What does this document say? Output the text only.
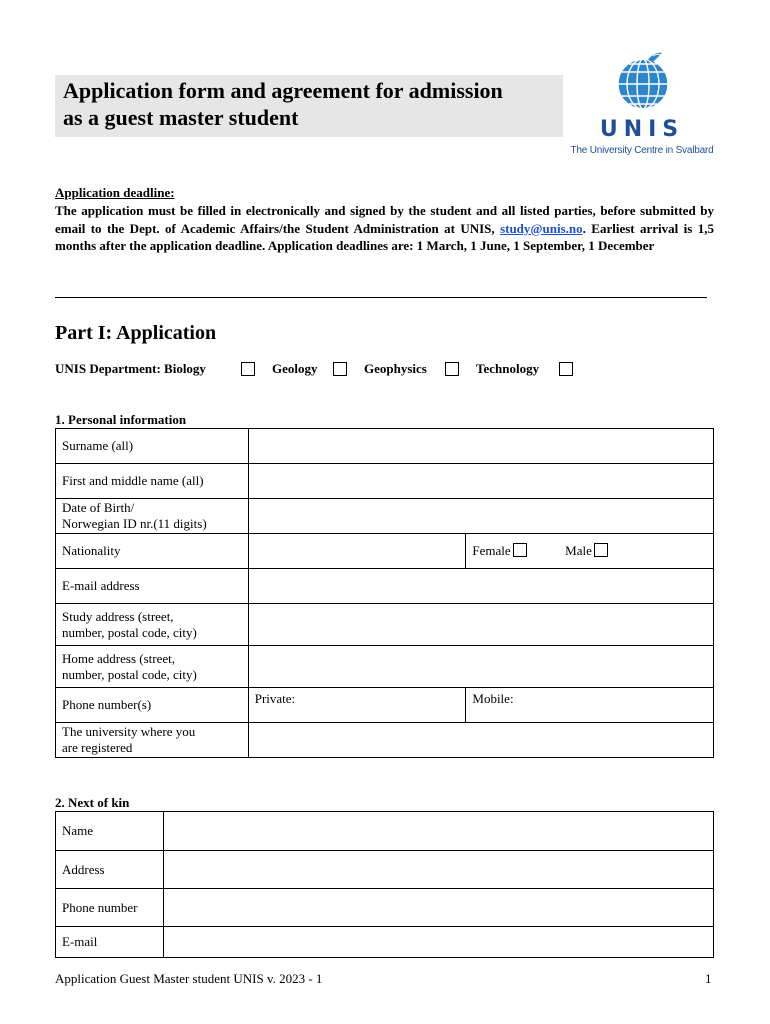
Application form and agreement for admission
as a guest master student	UNIS
The University Centre in Svalbard
Application deadline:
The application must be filled in electronically and signed by the student and all listed parties, before submitted by email to the Dept. of Academic Affairs/the Student Administration at UNIS, study@unis.no. Earliest arrival is 1,5 months after the application deadline. Application deadlines are: 1 March, 1 June, 1 September, 1 December
Part I: Application
UNIS Department: Biology	Geology	Geophysics	Technology
1. Personal information
Surname (all)		
First and middle name (all)		
Date of Birth/
Norwegian ID nr.(11 digits)		
Nationality		Female Male
E-mail address		
Study address (street,
number, postal code, city)		
Home address (street,
number, postal code, city)		
Phone number(s)	Private:	Mobile:
The university where you
are registered		
2. Next of kin
Name	
Address	
Phone number	
E-mail	
Application Guest Master student UNIS v. 2023 - 1	1
